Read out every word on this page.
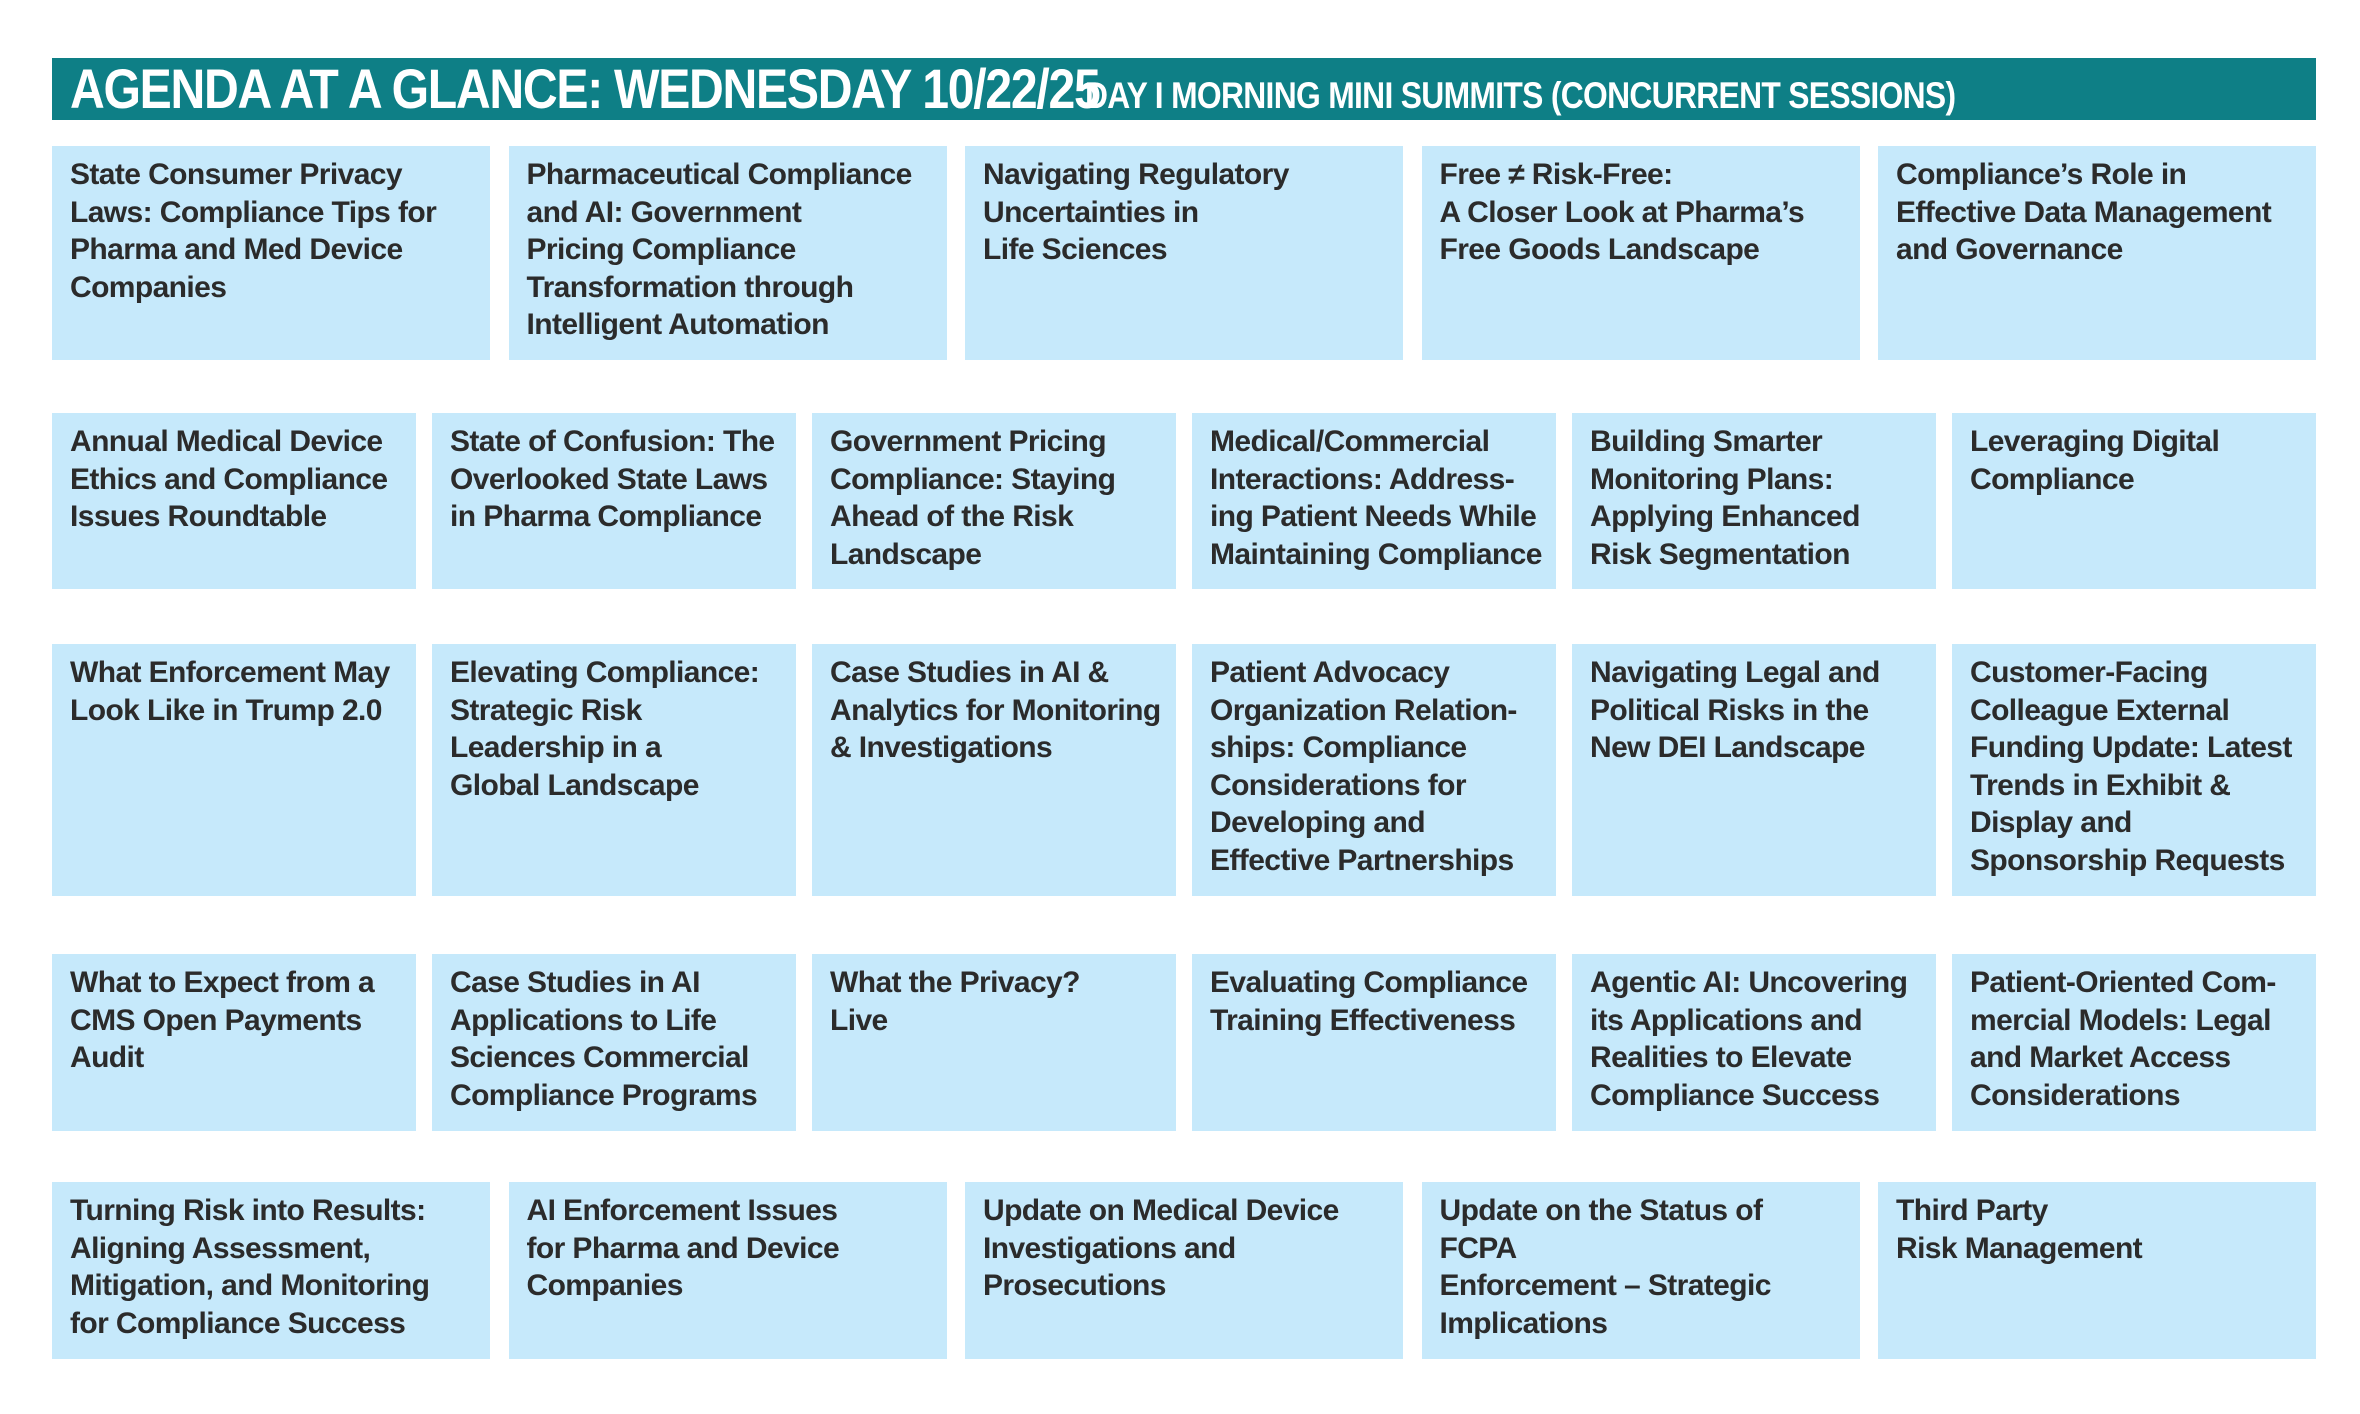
AGENDA AT A GLANCE: WEDNESDAY 10/22/25
DAY I MORNING MINI SUMMITS (CONCURRENT SESSIONS)
State Consumer Privacy
Laws: Compliance Tips for
Pharma and Med Device
Companies
Pharmaceutical Compliance
and AI: Government
Pricing Compliance
Transformation through
Intelligent Automation
Navigating Regulatory
Uncertainties in
Life Sciences
Free ≠ Risk-Free:
A Closer Look at Pharma’s
Free Goods Landscape
Compliance’s Role in
Effective Data Management
and Governance
Annual Medical Device
Ethics and Compliance
Issues Roundtable
State of Confusion: The
Overlooked State Laws
in Pharma Compliance
Government Pricing
Compliance: Staying
Ahead of the Risk
Landscape
Medical/Commercial
Interactions: Address-
ing Patient Needs While
Maintaining Compliance
Building Smarter
Monitoring Plans:
Applying Enhanced
Risk Segmentation
Leveraging Digital
Compliance
What Enforcement May
Look Like in Trump 2.0
Elevating Compliance:
Strategic Risk
Leadership in a
Global Landscape
Case Studies in AI &
Analytics for Monitoring
& Investigations
Patient Advocacy
Organization Relation-
ships: Compliance
Considerations for
Developing and
Effective Partnerships
Navigating Legal and
Political Risks in the
New DEI Landscape
Customer-Facing
Colleague External
Funding Update: Latest
Trends in Exhibit &
Display and
Sponsorship Requests
What to Expect from a
CMS Open Payments
Audit
Case Studies in AI
Applications to Life
Sciences Commercial
Compliance Programs
What the Privacy?
Live
Evaluating Compliance
Training Effectiveness
Agentic AI: Uncovering
its Applications and
Realities to Elevate
Compliance Success
Patient-Oriented Com-
mercial Models: Legal
and Market Access
Considerations
Turning Risk into Results:
Aligning Assessment,
Mitigation, and Monitoring
for Compliance Success
AI Enforcement Issues
for Pharma and Device
Companies
Update on Medical Device
Investigations and
Prosecutions
Update on the Status of FCPA
Enforcement – Strategic
Implications
Third Party
Risk Management
